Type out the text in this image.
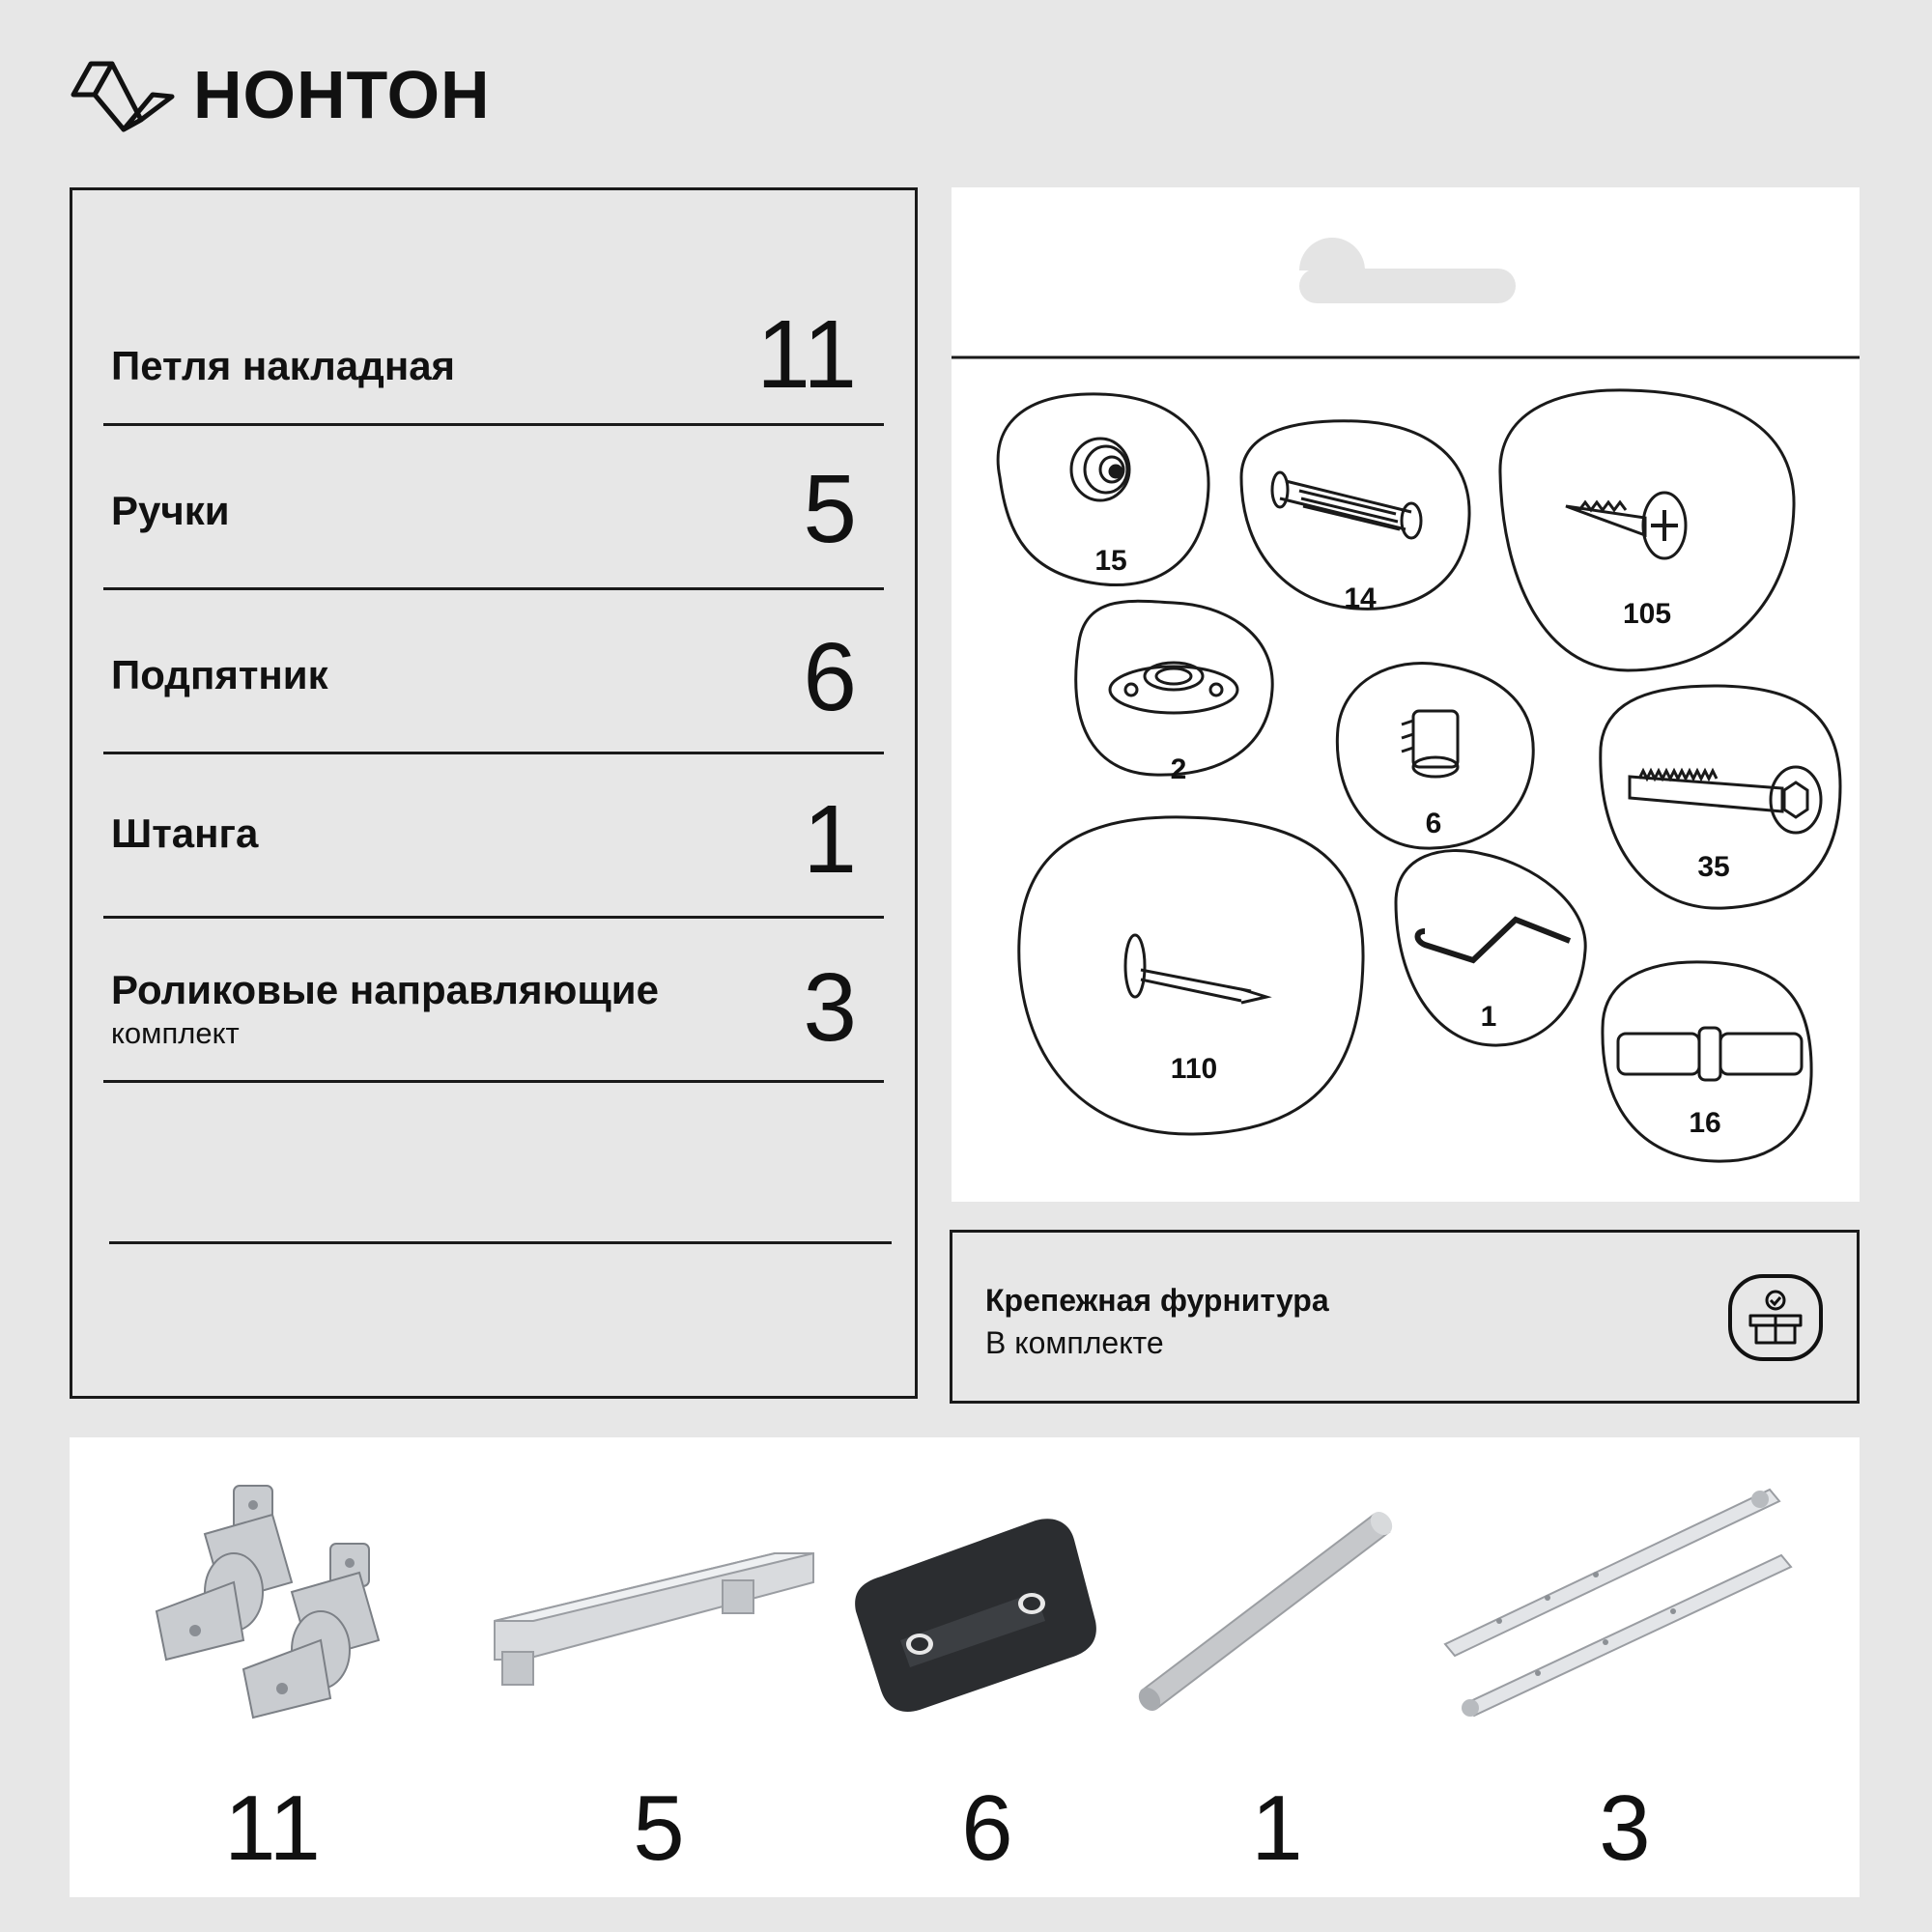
НОНТОН
Петля накладная	11
Ручки	5
Подпятник	6
Штанга	1
Роликовые направляющие
комплект	3
15
14	105
2
6
35
110
1
16
Крепежная фурнитура
В комплекте
11	5	6	1	3
